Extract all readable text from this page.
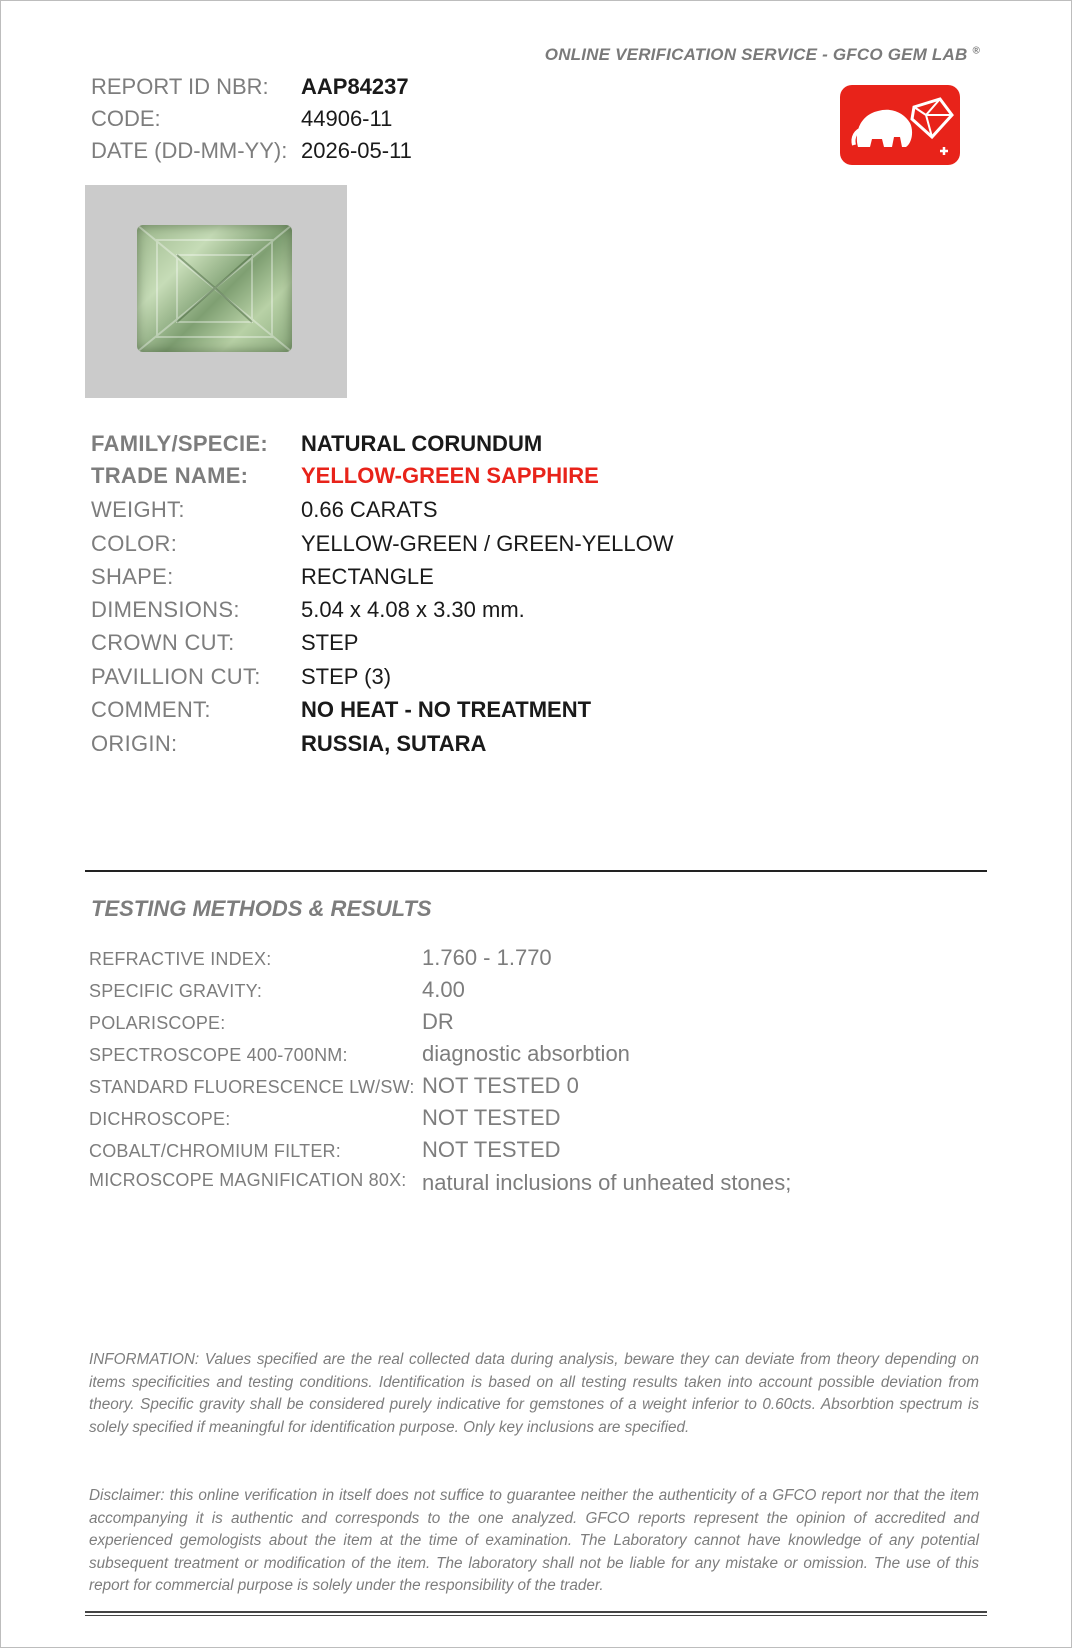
ONLINE VERIFICATION SERVICE - GFCO GEM LAB ®
REPORT ID NBR: AAP84237
CODE:	44906-11
DATE (DD-MM-YY): 2026-05-11
FAMILY/SPECIE: NATURAL CORUNDUM
TRADE NAME: YELLOW-GREEN SAPPHIRE
WEIGHT:	0.66 CARATS
COLOR:	YELLOW-GREEN / GREEN-YELLOW
SHAPE:	RECTANGLE
DIMENSIONS:	5.04 x 4.08 x 3.30 mm.
CROWN CUT:	STEP
PAVILLION CUT: STEP (3)
COMMENT:	NO HEAT - NO TREATMENT
ORIGIN:	RUSSIA, SUTARA
TESTING METHODS & RESULTS
REFRACTIVE INDEX:	1.760 - 1.770
SPECIFIC GRAVITY:	4.00
POLARISCOPE:	DR
SPECTROSCOPE 400-700NM:	diagnostic absorbtion
STANDARD FLUORESCENCE LW/SW: NOT TESTED 0
DICHROSCOPE:	NOT TESTED
COBALT/CHROMIUM FILTER:	NOT TESTED
MICROSCOPE MAGNIFICATION 80X: natural inclusions of unheated stones;
INFORMATION: Values specified are the real collected data during analysis, beware they can deviate from theory depending on items specificities and testing conditions. Identification is based on all testing results taken into account possible deviation from theory. Specific gravity shall be considered purely indicative for gemstones of a weight inferior to 0.60cts. Absorbtion spectrum is solely specified if meaningful for identification purpose. Only key inclusions are specified.
Disclaimer: this online verification in itself does not suffice to guarantee neither the authenticity of a GFCO report nor that the item accompanying it is authentic and corresponds to the one analyzed. GFCO reports represent the opinion of accredited and experienced gemologists about the item at the time of examination. The Laboratory cannot have knowledge of any potential subsequent treatment or modification of the item. The laboratory shall not be liable for any mistake or omission. The use of this report for commercial purpose is solely under the responsibility of the trader.
